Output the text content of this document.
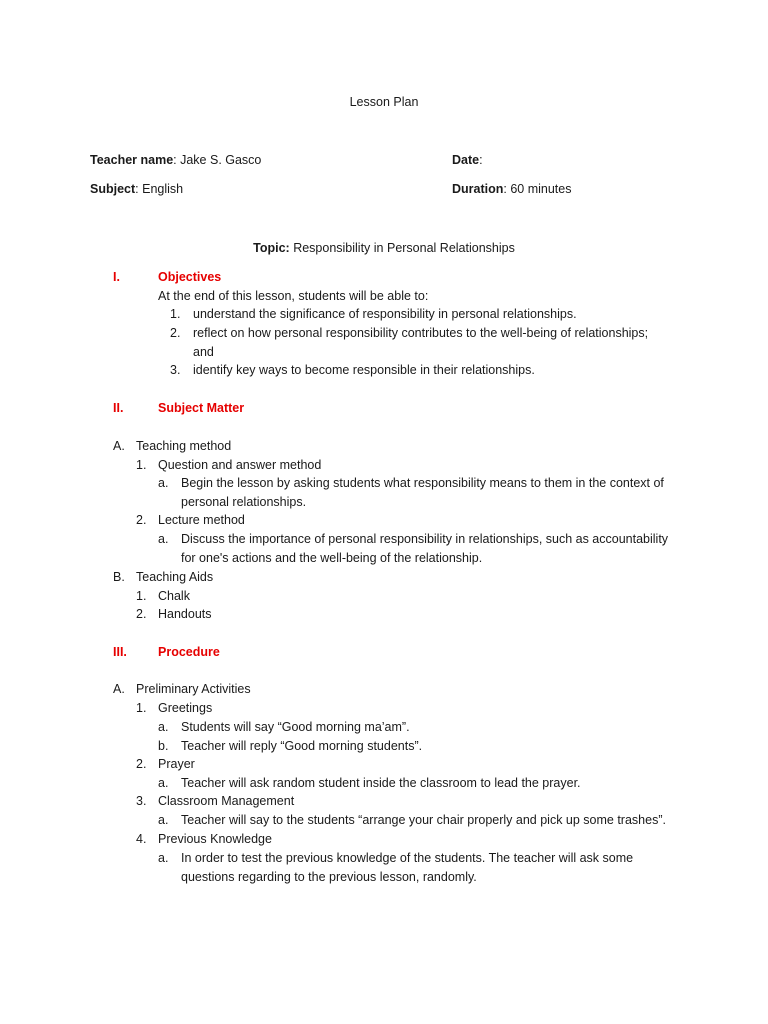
Lesson Plan
Teacher name: Jake S. Gasco	Date:
Subject: English	Duration: 60 minutes
Topic: Responsibility in Personal Relationships
I.	Objectives
At the end of this lesson, students will be able to:
1. understand the significance of responsibility in personal relationships.
2. reflect on how personal responsibility contributes to the well-being of relationships;
and
3. identify key ways to become responsible in their relationships.
II.	Subject Matter
A. Teaching method
1. Question and answer method
a. Begin the lesson by asking students what responsibility means to them in the context of
personal relationships.
2. Lecture method
a. Discuss the importance of personal responsibility in relationships, such as accountability
for one's actions and the well-being of the relationship.
B. Teaching Aids
1. Chalk
2. Handouts
III. Procedure
A. Preliminary Activities
1. Greetings
a. Students will say “Good morning ma’am”.
b. Teacher will reply “Good morning students”.
2. Prayer
a. Teacher will ask random student inside the classroom to lead the prayer.
3. Classroom Management
a. Teacher will say to the students “arrange your chair properly and pick up some trashes”.
4. Previous Knowledge
a. In order to test the previous knowledge of the students. The teacher will ask some
questions regarding to the previous lesson, randomly.
